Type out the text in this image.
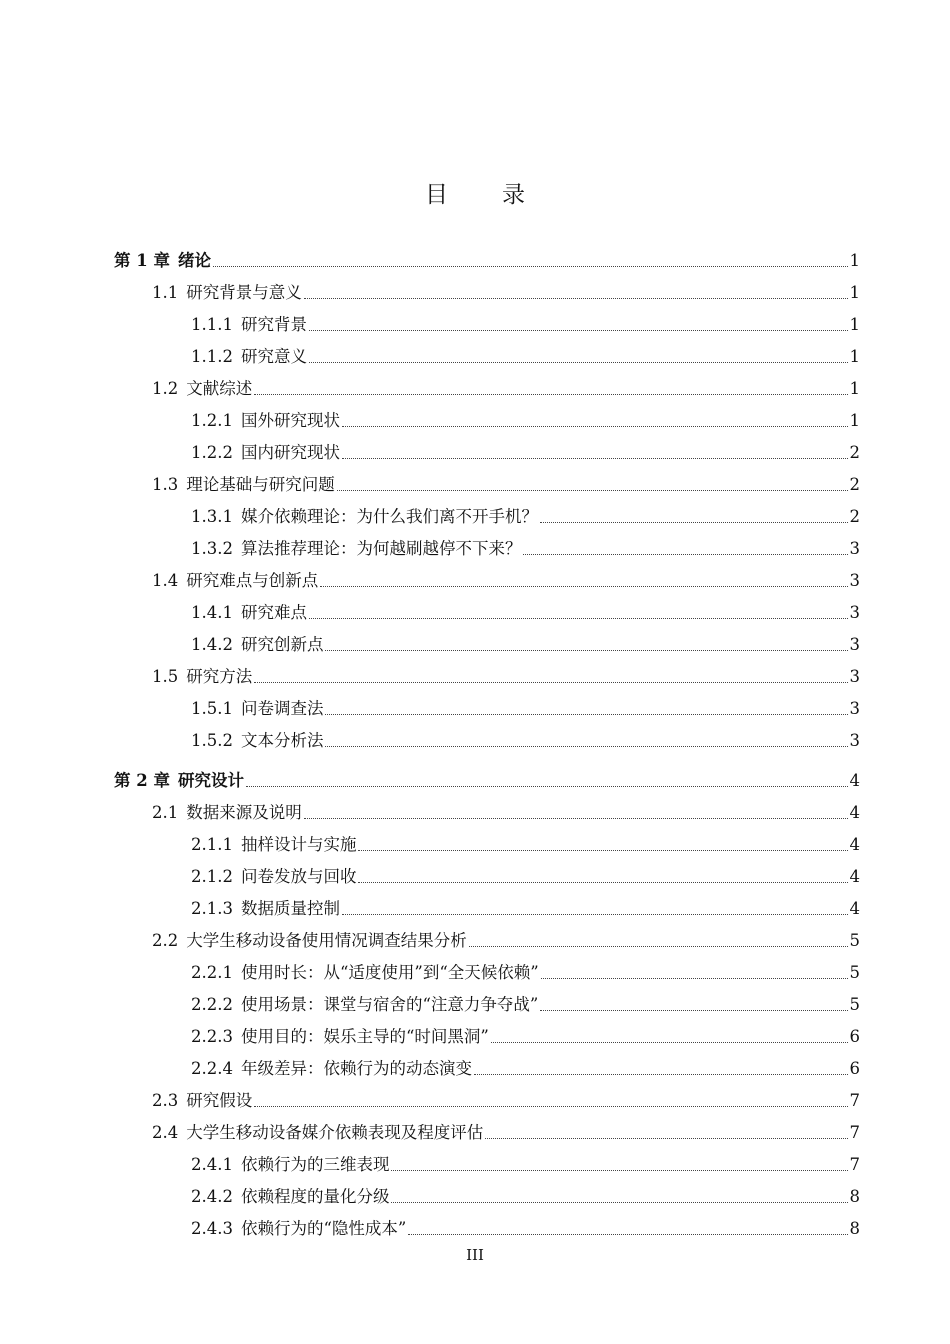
目 录
第 1 章 绪论	1
1.1 研究背景与意义	1
1.1.1 研究背景	1
1.1.2 研究意义	1
1.2 文献综述	1
1.2.1 国外研究现状	1
1.2.2 国内研究现状	2
1.3 理论基础与研究问题	2
1.3.1 媒介依赖理论：为什么我们离不开手机？	2
1.3.2 算法推荐理论：为何越刷越停不下来？	3
1.4 研究难点与创新点	3
1.4.1 研究难点	3
1.4.2 研究创新点	3
1.5 研究方法	3
1.5.1 问卷调查法	3
1.5.2 文本分析法	3
第 2 章 研究设计	4
2.1 数据来源及说明	4
2.1.1 抽样设计与实施	4
2.1.2 问卷发放与回收	4
2.1.3 数据质量控制	4
2.2 大学生移动设备使用情况调查结果分析	5
2.2.1 使用时长：从“适度使用”到“全天候依赖”	5
2.2.2 使用场景：课堂与宿舍的“注意力争夺战”	5
2.2.3 使用目的：娱乐主导的“时间黑洞”	6
2.2.4 年级差异：依赖行为的动态演变	6
2.3 研究假设	7
2.4 大学生移动设备媒介依赖表现及程度评估	7
2.4.1 依赖行为的三维表现	7
2.4.2 依赖程度的量化分级	8
2.4.3 依赖行为的“隐性成本”	8
III
